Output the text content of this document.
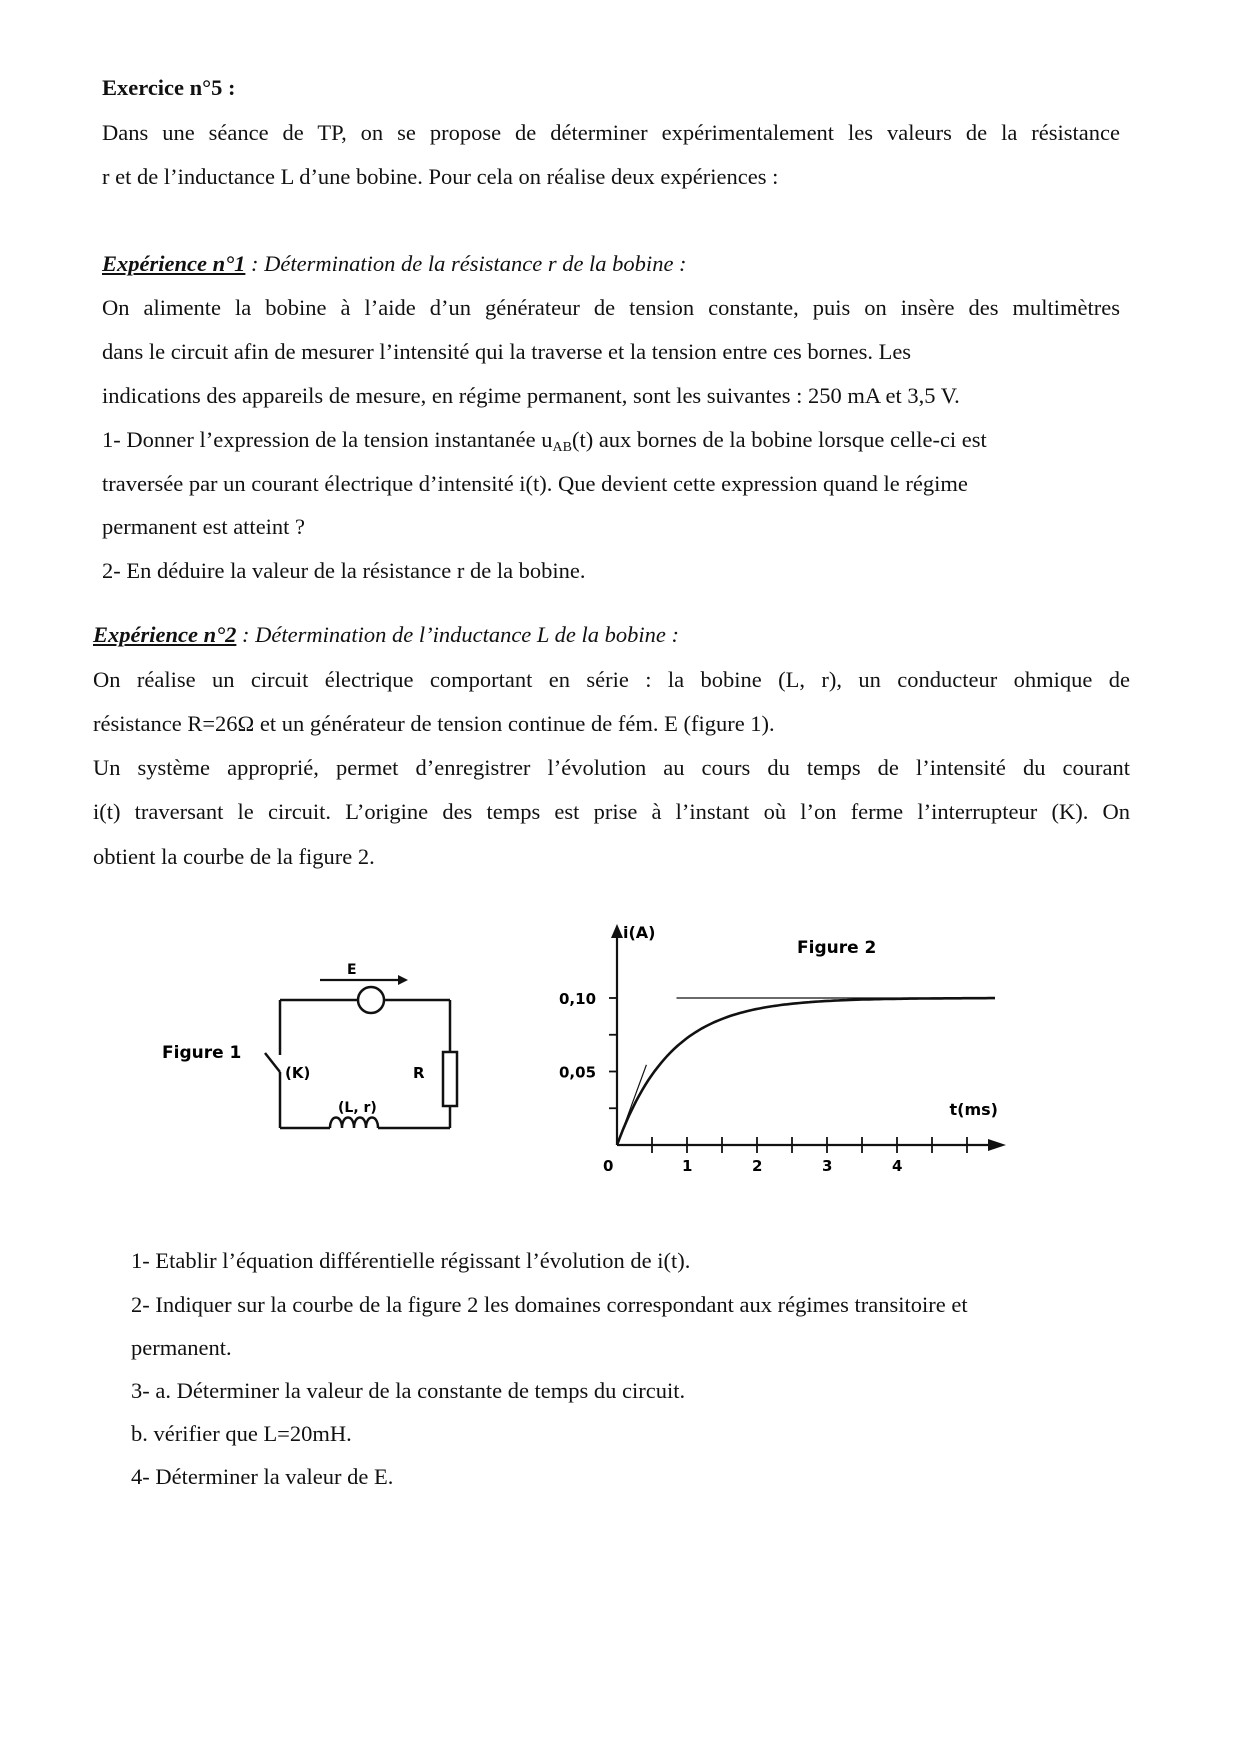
Exercice n°5 :
Dans une séance de TP, on se propose de déterminer expérimentalement les valeurs de la résistance
r et de l’inductance L d’une bobine. Pour cela on réalise deux expériences :
Expérience n°1 : Détermination de la résistance r de la bobine :
On alimente la bobine à l’aide d’un générateur de tension constante, puis on insère des multimètres
dans le circuit afin de mesurer l’intensité qui la traverse et la tension entre ces bornes. Les
indications des appareils de mesure, en régime permanent, sont les suivantes : 250 mA et 3,5 V.
1- Donner l’expression de la tension instantanée uAB(t) aux bornes de la bobine lorsque celle-ci est
traversée par un courant électrique d’intensité i(t). Que devient cette expression quand le régime
permanent est atteint ?
2- En déduire la valeur de la résistance r de la bobine.
Expérience n°2 : Détermination de l’inductance L de la bobine :
On réalise un circuit électrique comportant en série : la bobine (L, r), un conducteur ohmique de
résistance R=26Ω et un générateur de tension continue de fém. E (figure 1).
Un système approprié, permet d’enregistrer l’évolution au cours du temps de l’intensité du courant
i(t) traversant le circuit. L’origine des temps est prise à l’instant où l’on ferme l’interrupteur (K). On
obtient la courbe de la figure 2.
Figure 1
E
(K)	R
(L, r)
Figure 2
i(A)
t(ms)
0	1	2	3	4
0,05
0,10
1- Etablir l’équation différentielle régissant l’évolution de i(t).
2- Indiquer sur la courbe de la figure 2 les domaines correspondant aux régimes transitoire et
permanent.
3- a. Déterminer la valeur de la constante de temps du circuit.
b. vérifier que L=20mH.
4- Déterminer la valeur de E.
